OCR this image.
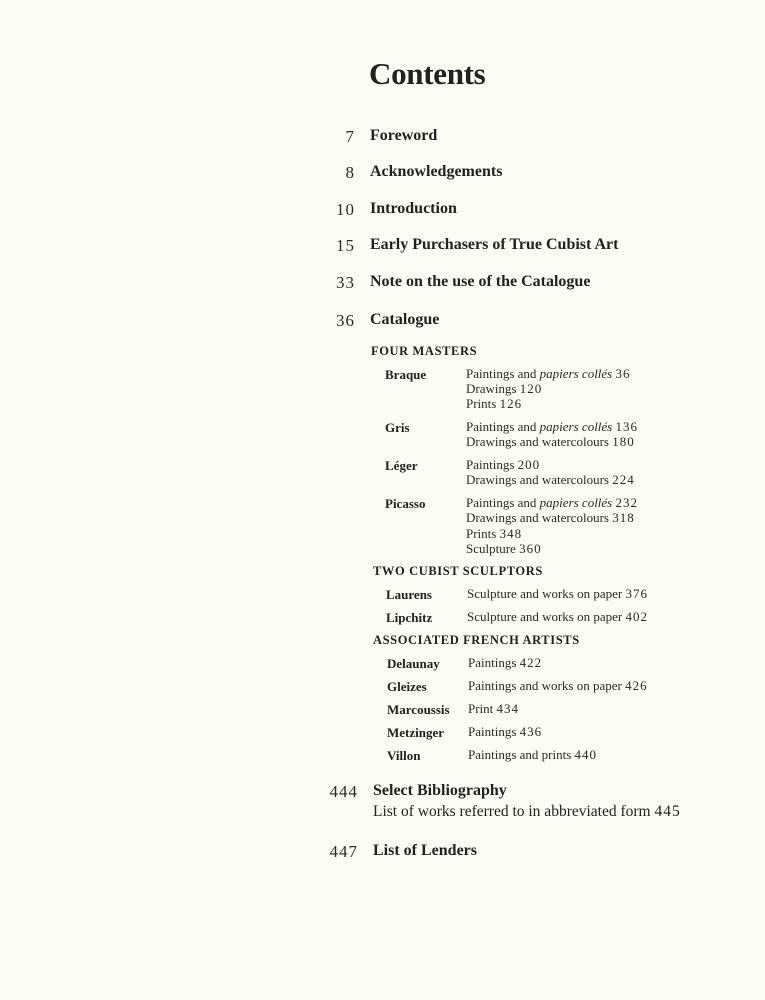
Contents
7 Foreword
8 Acknowledgements
10 Introduction
15 Early Purchasers of True Cubist Art
33 Note on the use of the Catalogue
36 Catalogue
FOUR MASTERS
Braque	Paintings and papiers collés 36
Drawings 120
Prints 126
Gris	Paintings and papiers collés 136
Drawings and watercolours 180
Léger	Paintings 200
Drawings and watercolours 224
Picasso	Paintings and papiers collés 232
Drawings and watercolours 318
Prints 348
Sculpture 360
TWO CUBIST SCULPTORS
Laurens	Sculpture and works on paper 376
Lipchitz	Sculpture and works on paper 402
ASSOCIATED FRENCH ARTISTS
Delaunay Paintings 422
Gleizes	Paintings and works on paper 426
Marcoussis Print 434
Metzinger Paintings 436
Villon	Paintings and prints 440
444 Select Bibliography
List of works referred to in abbreviated form 445
447 List of Lenders
